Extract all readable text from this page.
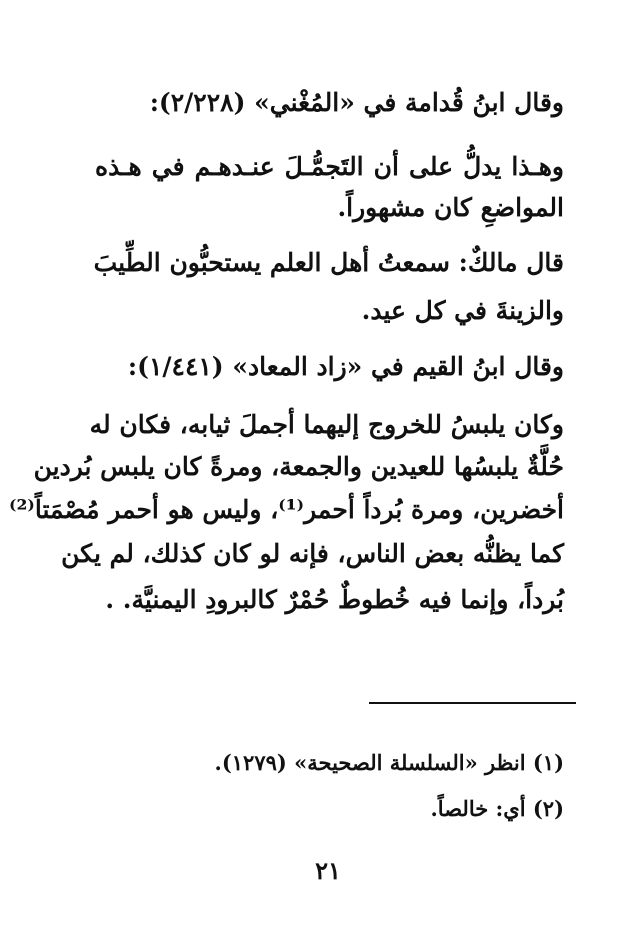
وقال ابنُ قُدامة في «المُغْني» (٢/٢٢٨):
وهـذا يدلُّ على أن التَجمُّـلَ عنـدهـم في هـذه
المواضعِ كان مشهوراً.
قال مالكٌ: سمعتُ أهل العلم يستحبُّون الطِّيبَ
والزينةَ في كل عيد.
وقال ابنُ القيم في «زاد المعاد» (١/٤٤١):
وكان يلبسُ للخروج إليهما أجملَ ثيابه، فكان له
حُلَّةٌ يلبسُها للعيدين والجمعة، ومرةً كان يلبس بُردين
أخضرين، ومرة بُرداً أحمر⁽¹⁾، وليس هو أحمر مُصْمَتاً⁽²⁾
كما يظنُّه بعض الناس، فإنه لو كان كذلك، لم يكن
بُرداً، وإنما فيه خُطوطٌ حُمْرٌ كالبرودِ اليمنيَّة. .
(١) انظر «السلسلة الصحيحة» (١٢٧٩).
(٢) أي: خالصاً.
٢١
